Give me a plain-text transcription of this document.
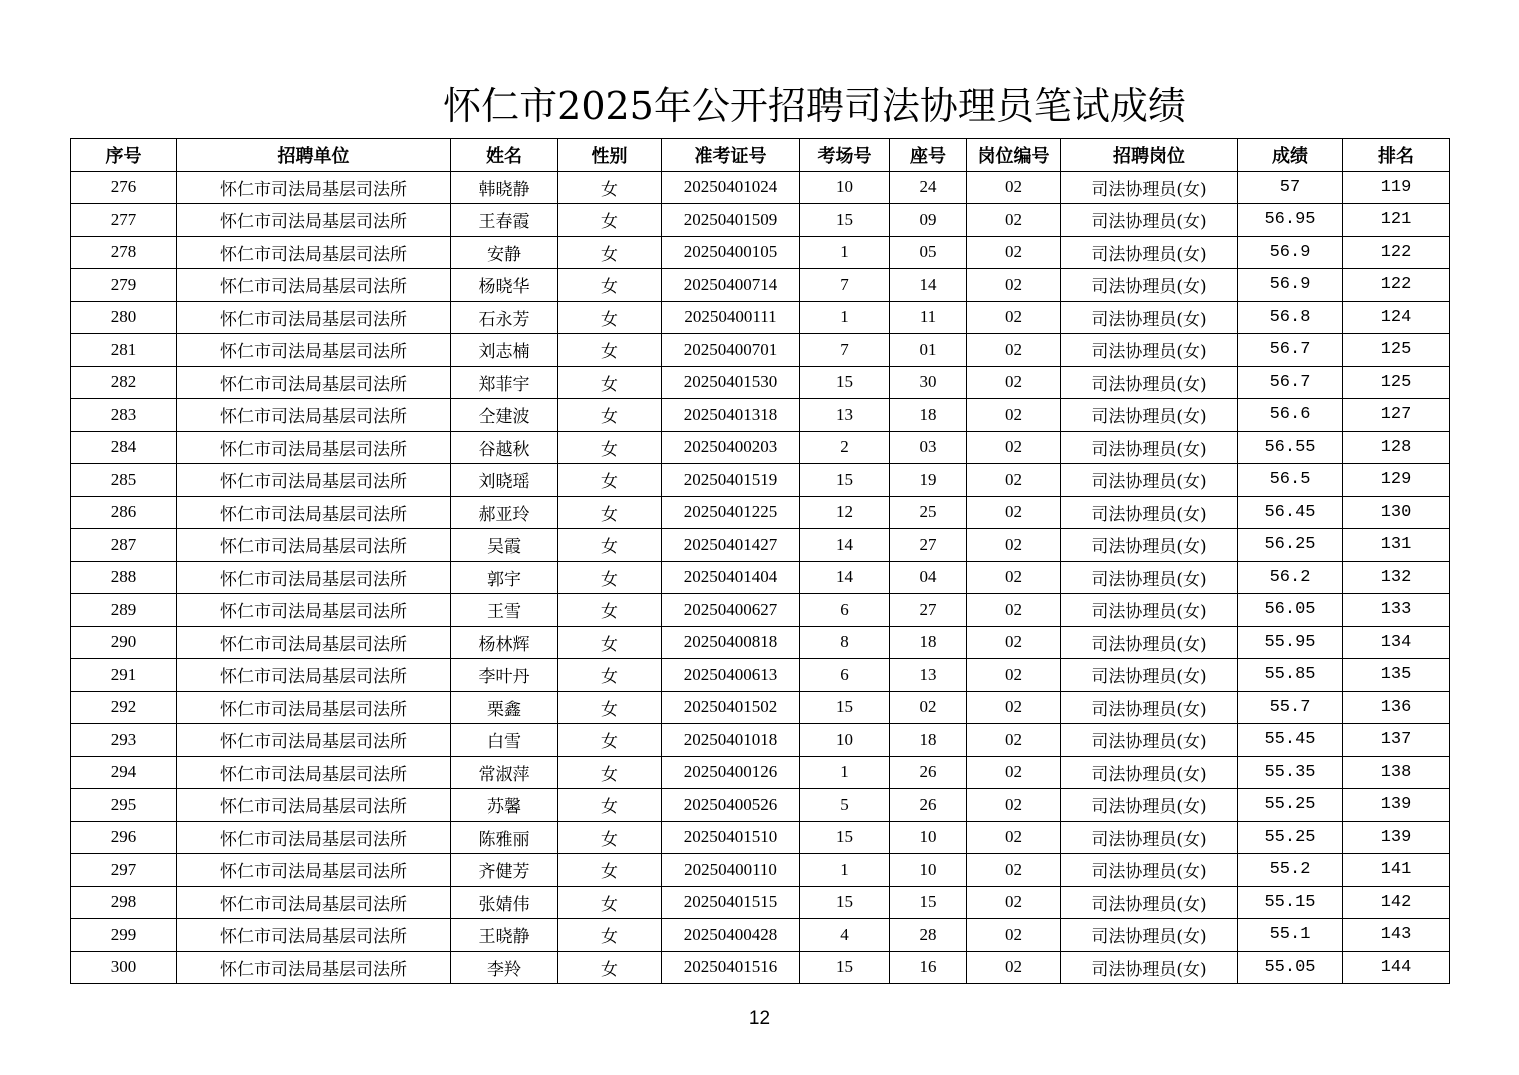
怀仁市2025年公开招聘司法协理员笔试成绩
序号	招聘单位	姓名	性别	准考证号	考场号	座号	岗位编号	招聘岗位	成绩	排名
276	怀仁市司法局基层司法所	韩晓静	女	20250401024	10	24	02	司法协理员(女)	57	119
277	怀仁市司法局基层司法所	王春霞	女	20250401509	15	09	02	司法协理员(女)	56.95	121
278	怀仁市司法局基层司法所	安静	女	20250400105	1	05	02	司法协理员(女)	56.9	122
279	怀仁市司法局基层司法所	杨晓华	女	20250400714	7	14	02	司法协理员(女)	56.9	122
280	怀仁市司法局基层司法所	石永芳	女	20250400111	1	11	02	司法协理员(女)	56.8	124
281	怀仁市司法局基层司法所	刘志楠	女	20250400701	7	01	02	司法协理员(女)	56.7	125
282	怀仁市司法局基层司法所	郑菲宇	女	20250401530	15	30	02	司法协理员(女)	56.7	125
283	怀仁市司法局基层司法所	仝建波	女	20250401318	13	18	02	司法协理员(女)	56.6	127
284	怀仁市司法局基层司法所	谷越秋	女	20250400203	2	03	02	司法协理员(女)	56.55	128
285	怀仁市司法局基层司法所	刘晓瑶	女	20250401519	15	19	02	司法协理员(女)	56.5	129
286	怀仁市司法局基层司法所	郝亚玲	女	20250401225	12	25	02	司法协理员(女)	56.45	130
287	怀仁市司法局基层司法所	吴霞	女	20250401427	14	27	02	司法协理员(女)	56.25	131
288	怀仁市司法局基层司法所	郭宇	女	20250401404	14	04	02	司法协理员(女)	56.2	132
289	怀仁市司法局基层司法所	王雪	女	20250400627	6	27	02	司法协理员(女)	56.05	133
290	怀仁市司法局基层司法所	杨林辉	女	20250400818	8	18	02	司法协理员(女)	55.95	134
291	怀仁市司法局基层司法所	李叶丹	女	20250400613	6	13	02	司法协理员(女)	55.85	135
292	怀仁市司法局基层司法所	栗鑫	女	20250401502	15	02	02	司法协理员(女)	55.7	136
293	怀仁市司法局基层司法所	白雪	女	20250401018	10	18	02	司法协理员(女)	55.45	137
294	怀仁市司法局基层司法所	常淑萍	女	20250400126	1	26	02	司法协理员(女)	55.35	138
295	怀仁市司法局基层司法所	苏馨	女	20250400526	5	26	02	司法协理员(女)	55.25	139
296	怀仁市司法局基层司法所	陈雅丽	女	20250401510	15	10	02	司法协理员(女)	55.25	139
297	怀仁市司法局基层司法所	齐健芳	女	20250400110	1	10	02	司法协理员(女)	55.2	141
298	怀仁市司法局基层司法所	张婧伟	女	20250401515	15	15	02	司法协理员(女)	55.15	142
299	怀仁市司法局基层司法所	王晓静	女	20250400428	4	28	02	司法协理员(女)	55.1	143
300	怀仁市司法局基层司法所	李羚	女	20250401516	15	16	02	司法协理员(女)	55.05	144
12
